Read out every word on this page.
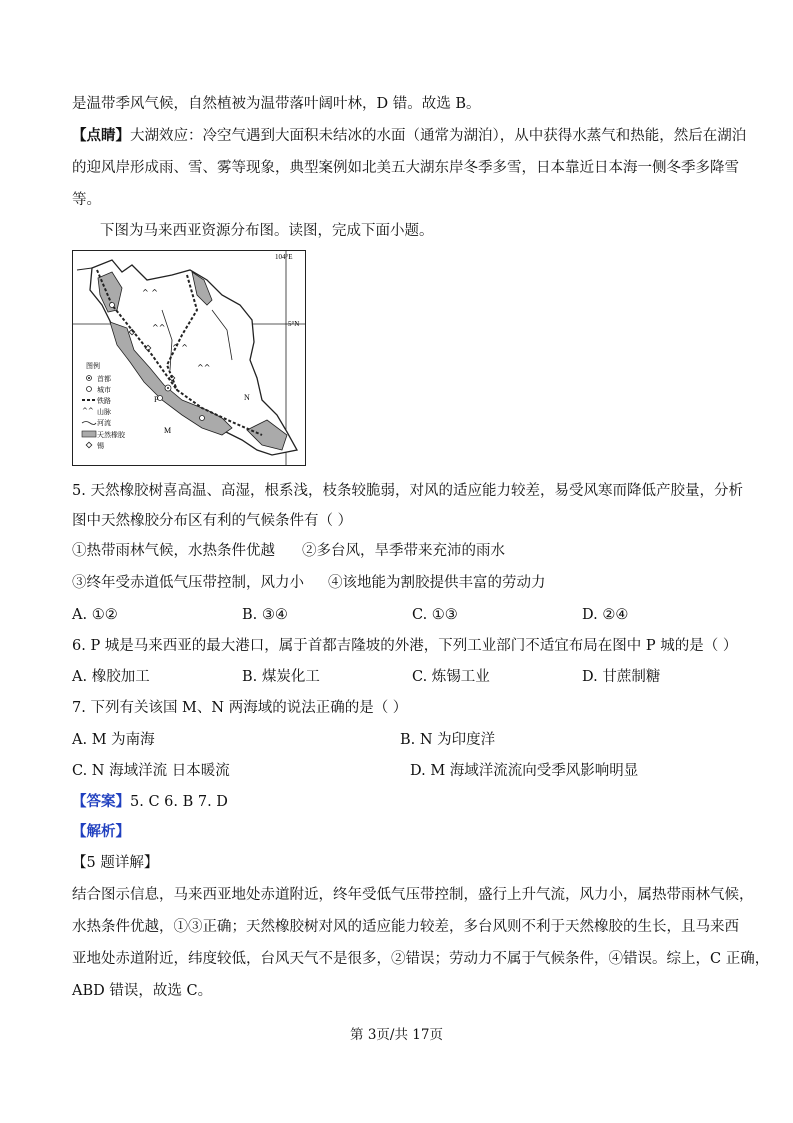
是温带季风气候，自然植被为温带落叶阔叶林，D 错。故选 B。
【点睛】大湖效应：冷空气遇到大面积未结冰的水面（通常为湖泊），从中获得水蒸气和热能，然后在湖泊
的迎风岸形成雨、雪、雾等现象，典型案例如北美五大湖东岸冬季多雪，日本靠近日本海一侧冬季多降雪
等。
下图为马来西亚资源分布图。读图，完成下面小题。
104°E
5°N
^ ^
^^
^ ^
^^
P
M
N
图例
首都
城市
铁路
^^ 山脉
河流
天然橡胶
锡
5. 天然橡胶树喜高温、高湿，根系浅，枝条较脆弱，对风的适应能力较差，易受风寒而降低产胶量，分析
图中天然橡胶分布区有利的气候条件有（ ）
①热带雨林气候，水热条件优越 ②多台风，旱季带来充沛的雨水
③终年受赤道低气压带控制，风力小 ④该地能为割胶提供丰富的劳动力
A. ①②	B. ③④	C. ①③	D. ②④
6. P 城是马来西亚的最大港口，属于首都吉隆坡的外港，下列工业部门不适宜布局在图中 P 城的是（ ）
A. 橡胶加工	B. 煤炭化工	C. 炼锡工业	D. 甘蔗制糖
7. 下列有关该国 M、N 两海域的说法正确的是（ ）
A. M 为南海	B. N 为印度洋
C. N 海域洋流 日本暖流	D. M 海域洋流流向受季风影响明显
【答案】5. C 6. B 7. D
【解析】
【5 题详解】
结合图示信息，马来西亚地处赤道附近，终年受低气压带控制，盛行上升气流，风力小，属热带雨林气候，
水热条件优越，①③正确；天然橡胶树对风的适应能力较差，多台风则不利于天然橡胶的生长，且马来西
亚地处赤道附近，纬度较低，台风天气不是很多，②错误；劳动力不属于气候条件，④错误。综上，C 正确，
ABD 错误，故选 C。
第 3页/共 17页
